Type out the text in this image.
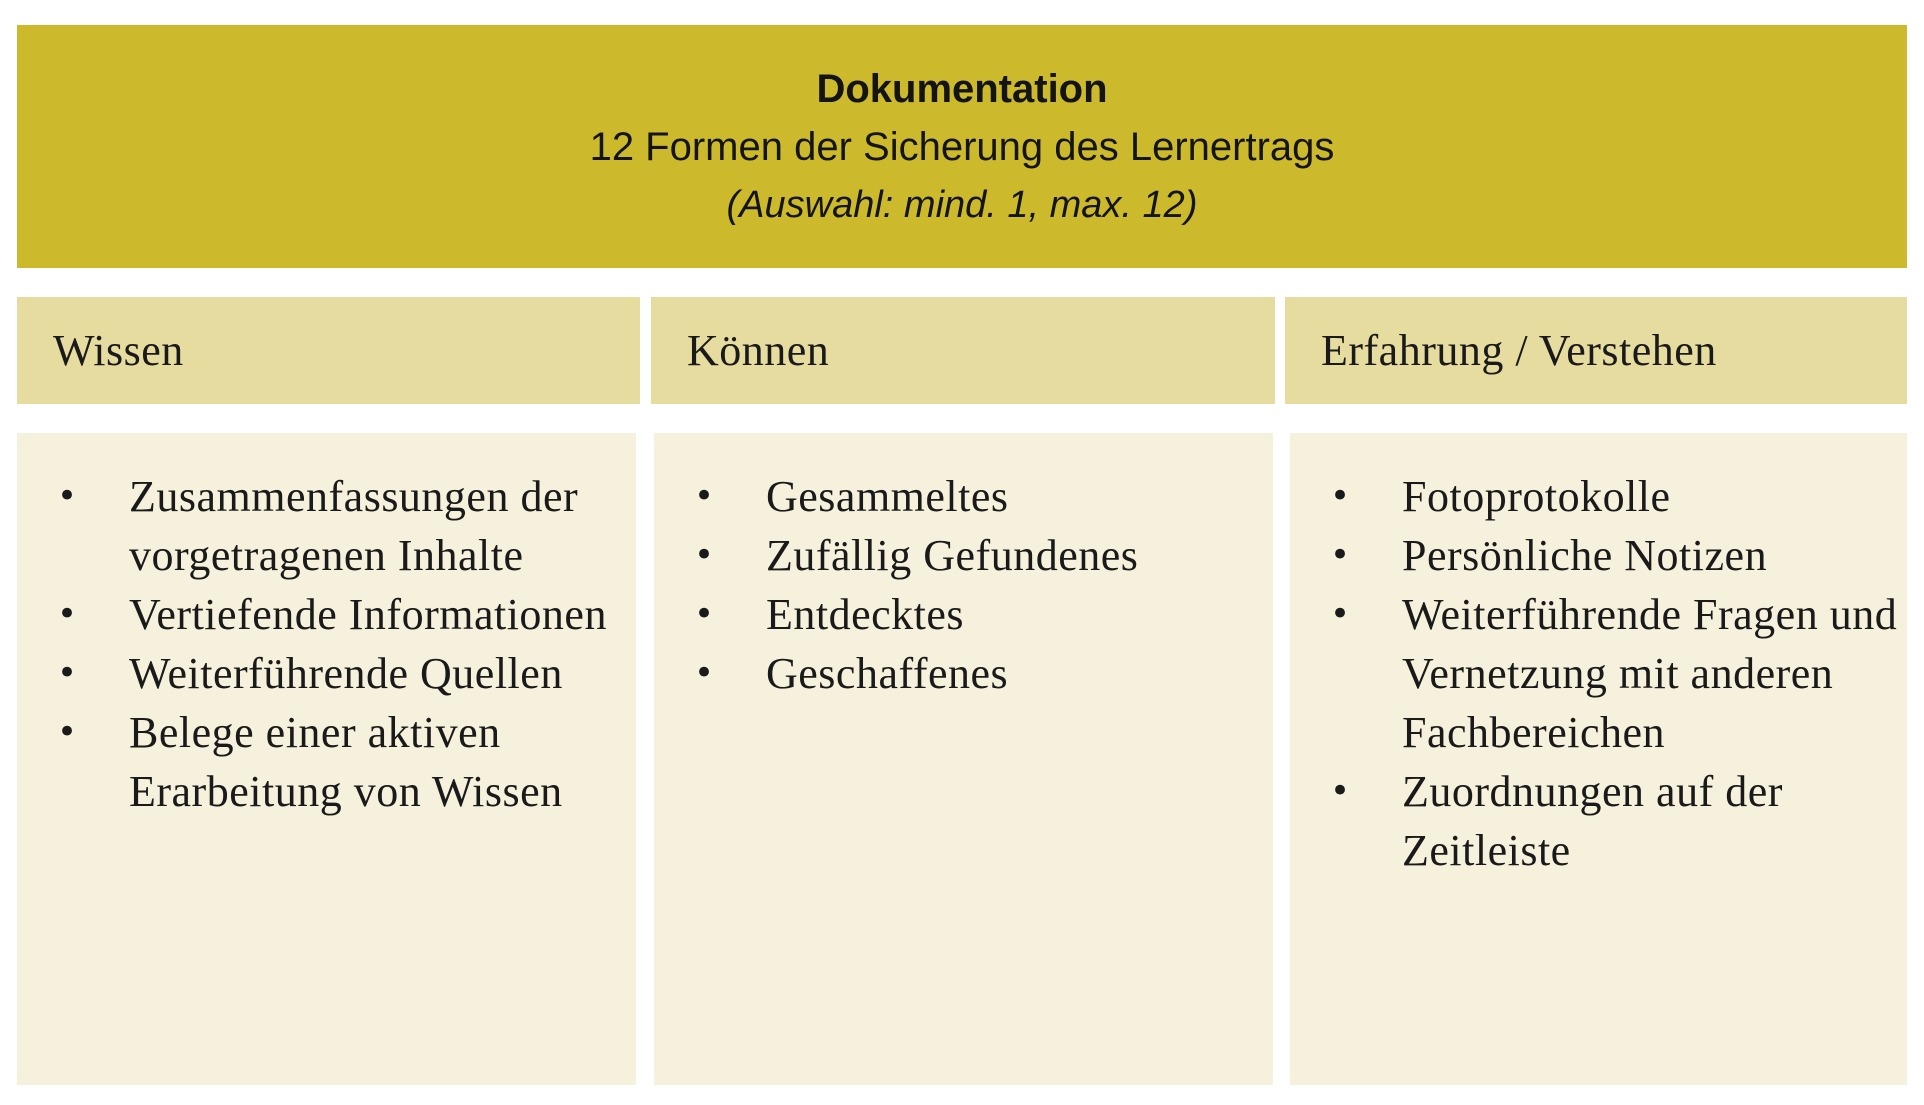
Dokumentation
12 Formen der Sicherung des Lernertrags
(Auswahl: mind. 1, max. 12)
Wissen	Können	Erfahrung / Verstehen
• Zusammenfassungen der vorgetragenen Inhalte
• Vertiefende Informationen
• Weiterführende Quellen
• Belege einer aktiven Erarbeitung von Wissen
• Gesammeltes
• Zufällig Gefundenes
• Entdecktes
• Geschaffenes
• Fotoprotokolle
• Persönliche Notizen
• Weiterführende Fragen und Vernetzung mit anderen Fachbereichen
• Zuordnungen auf der Zeitleiste
